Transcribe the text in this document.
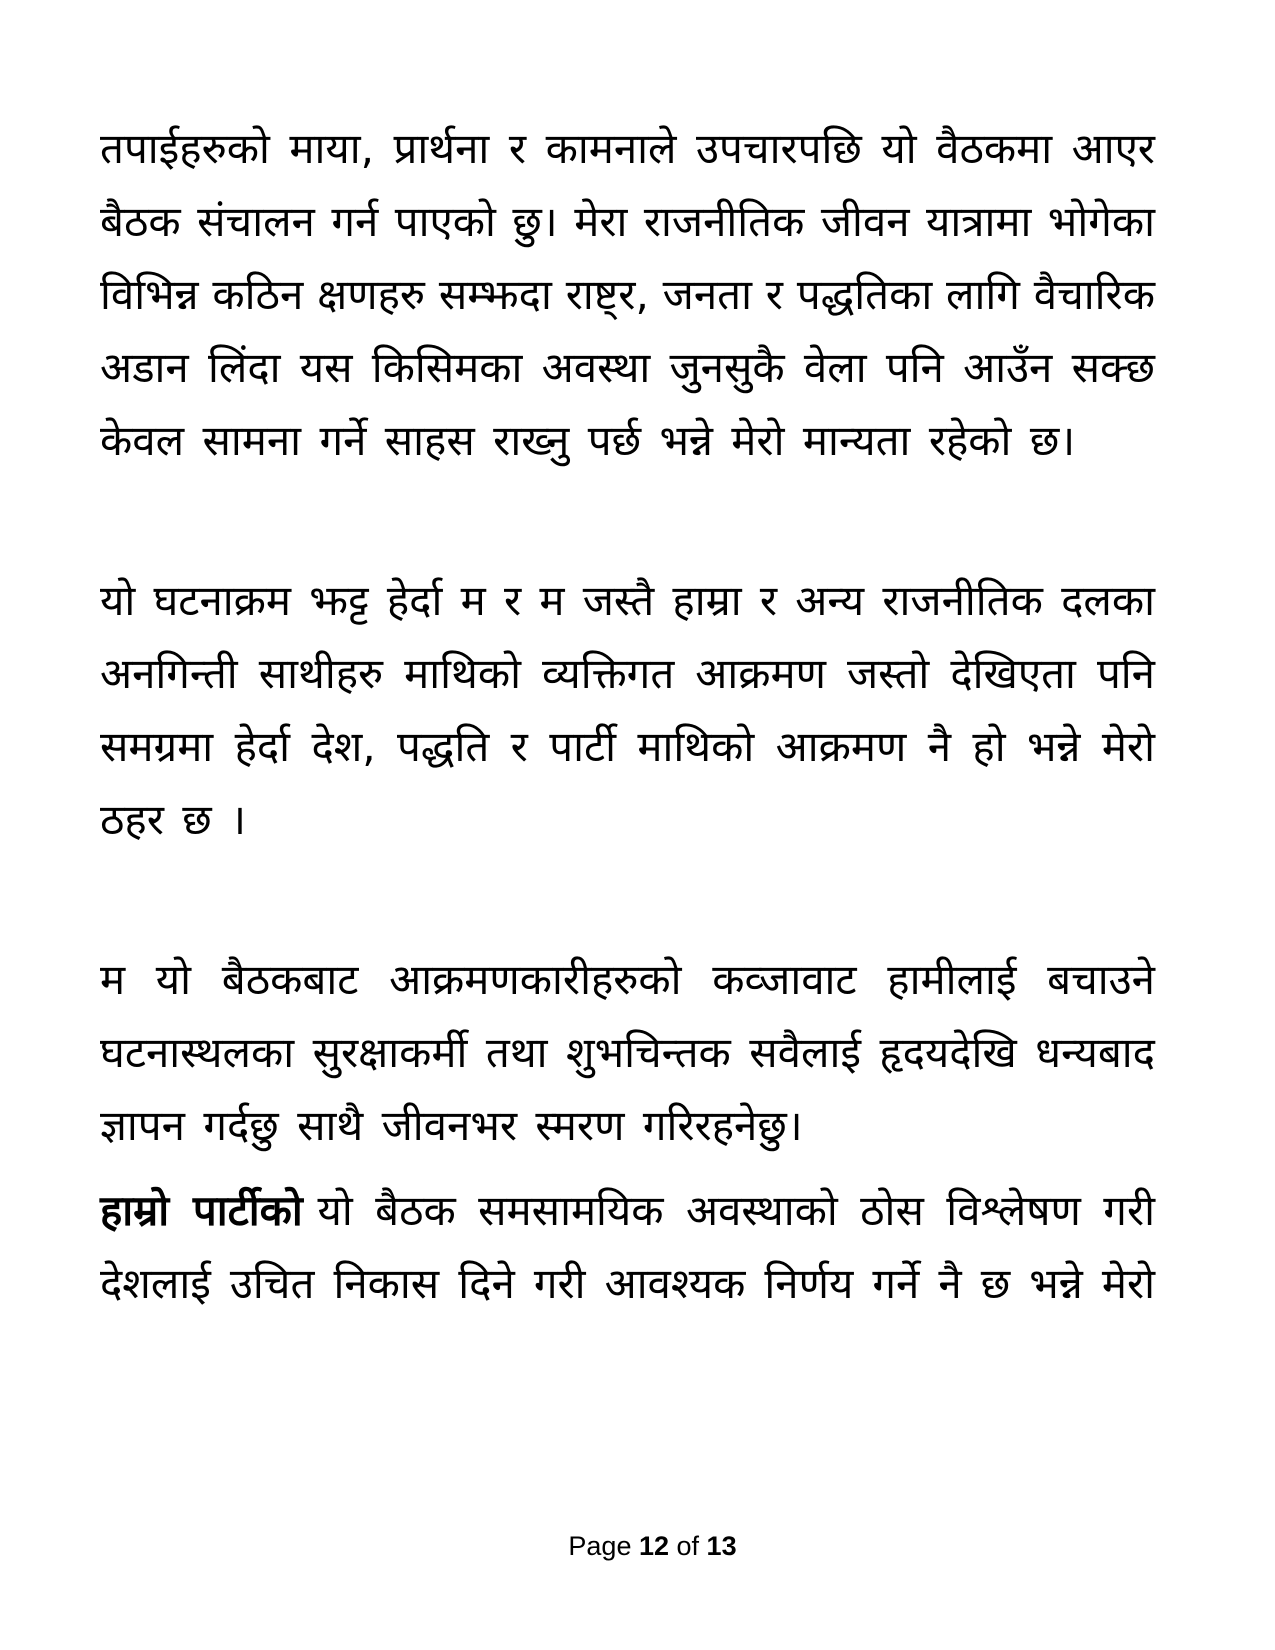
तपाईहरुको माया, प्रार्थना र कामनाले उपचारपछि यो वैठकमा आएर
बैठक संचालन गर्न पाएको छु। मेरा राजनीतिक जीवन यात्रामा भोगेका
विभिन्न कठिन क्षणहरु सम्झदा राष्ट्र, जनता र पद्धतिका लागि वैचारिक
अडान लिंदा यस किसिमका अवस्था जुनसुकै वेला पनि आउँन सक्छ
केवल सामना गर्ने साहस राख्नु पर्छ भन्ने मेरो मान्यता रहेको छ।
यो घटनाक्रम झट्ट हेर्दा म र म जस्तै हाम्रा र अन्य राजनीतिक दलका
अनगिन्ती साथीहरु माथिको व्यक्तिगत आक्रमण जस्तो देखिएता पनि
समग्रमा हेर्दा देश, पद्धति र पार्टी माथिको आक्रमण नै हो भन्ने मेरो
ठहर छ ।
म यो बैठकबाट आक्रमणकारीहरुको कव्जावाट हामीलाई बचाउने
घटनास्थलका सुरक्षाकर्मी तथा शुभचिन्तक सवैलाई हृदयदेखि धन्यबाद
ज्ञापन गर्दछु साथै जीवनभर स्मरण गरिरहनेछु।
हाम्रो पार्टीको यो बैठक समसामयिक अवस्थाको ठोस विश्लेषण गरी
देशलाई उचित निकास दिने गरी आवश्यक निर्णय गर्ने नै छ भन्ने मेरो

Page 12 of 13
